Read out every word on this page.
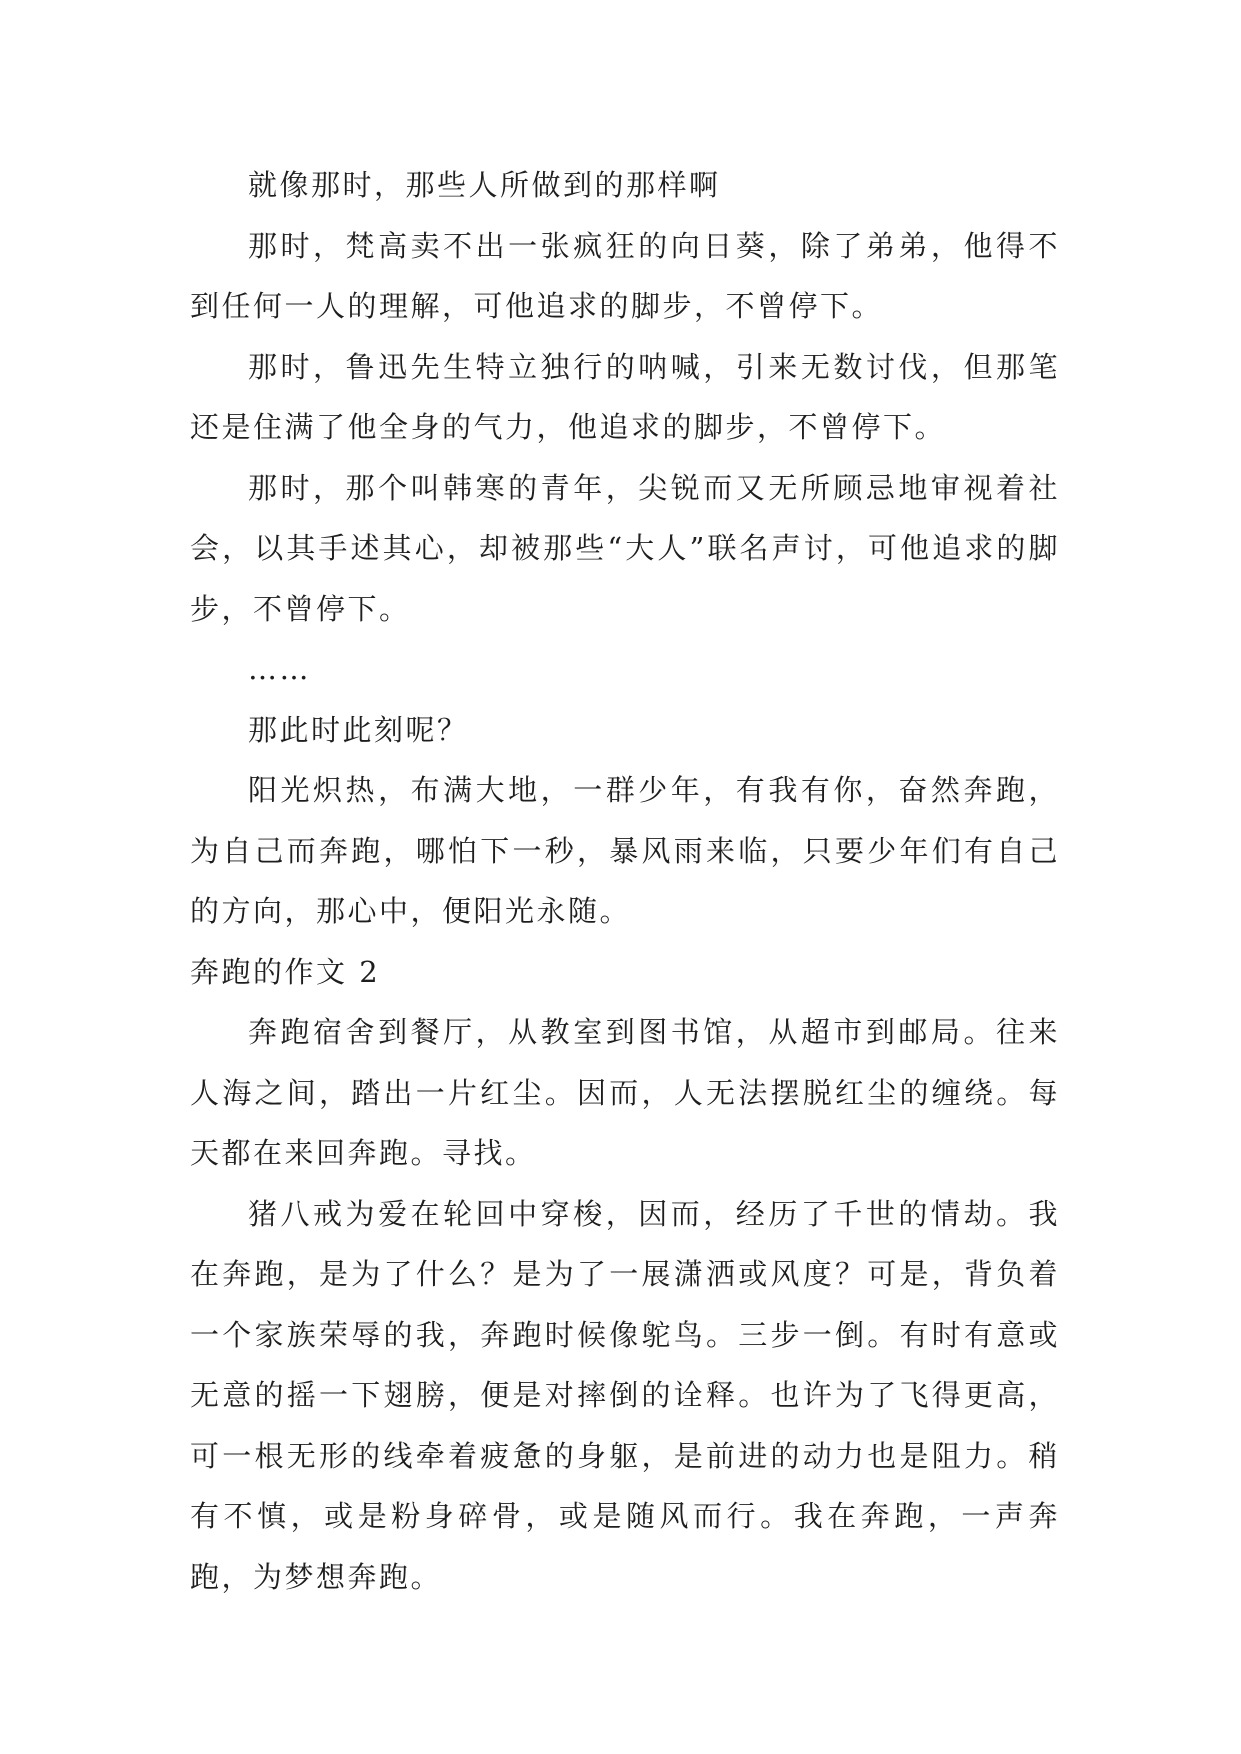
就像那时，那些人所做到的那样啊

那时，梵高卖不出一张疯狂的向日葵，除了弟弟，他得不到任何一人的理解，可他追求的脚步，不曾停下。

那时，鲁迅先生特立独行的呐喊，引来无数讨伐，但那笔还是住满了他全身的气力，他追求的脚步，不曾停下。

那时，那个叫韩寒的青年，尖锐而又无所顾忌地审视着社会，以其手述其心，却被那些“大人”联名声讨，可他追求的脚步，不曾停下。

……

那此时此刻呢？

阳光炽热，布满大地，一群少年，有我有你，奋然奔跑，为自己而奔跑，哪怕下一秒，暴风雨来临，只要少年们有自己的方向，那心中，便阳光永随。

奔跑的作文 2

奔跑宿舍到餐厅，从教室到图书馆，从超市到邮局。往来人海之间，踏出一片红尘。因而，人无法摆脱红尘的缠绕。每天都在来回奔跑。寻找。

猪八戒为爱在轮回中穿梭，因而，经历了千世的情劫。我在奔跑，是为了什么？是为了一展潇洒或风度？可是，背负着一个家族荣辱的我，奔跑时候像鸵鸟。三步一倒。有时有意或无意的摇一下翅膀，便是对摔倒的诠释。也许为了飞得更高，可一根无形的线牵着疲惫的身躯，是前进的动力也是阻力。稍有不慎，或是粉身碎骨，或是随风而行。我在奔跑，一声奔跑，为梦想奔跑。
